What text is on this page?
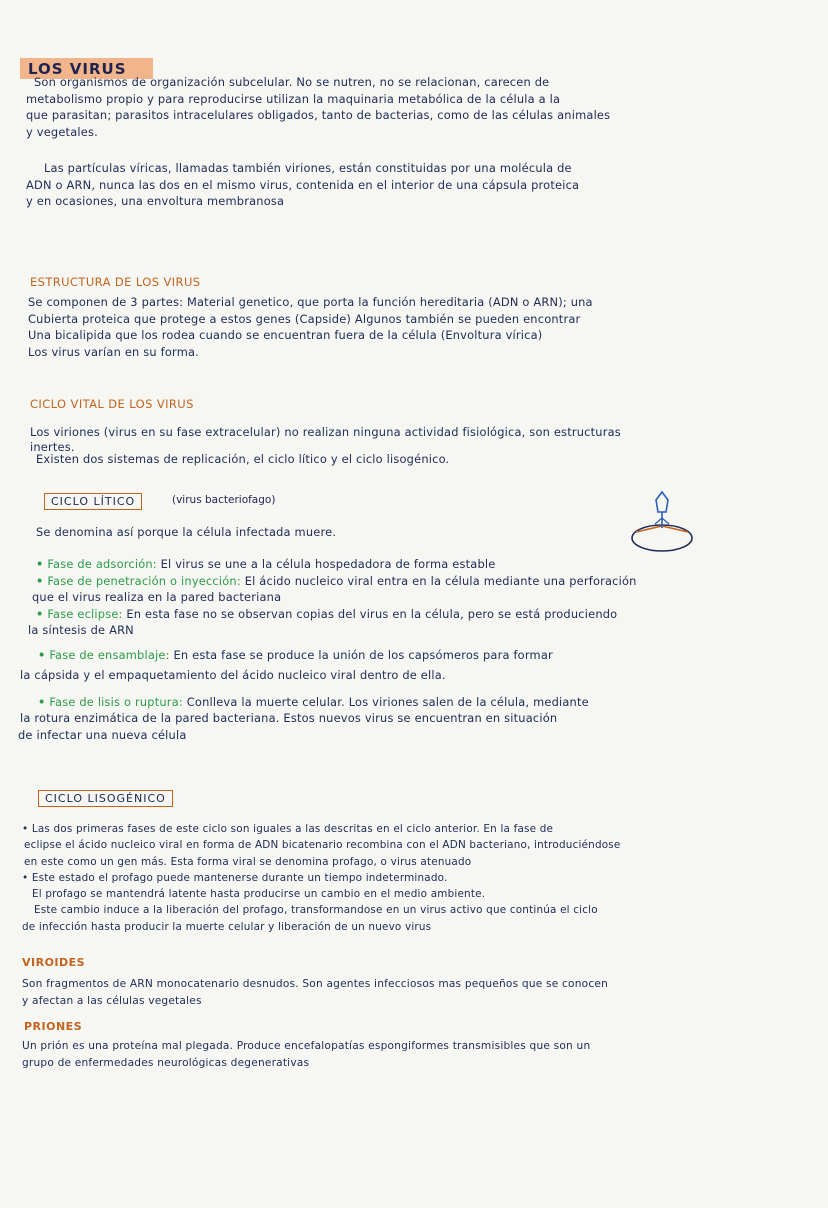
LOS VIRUS

Son organismos de organización subcelular. No se nutren, no se relacionan, carecen de

metabolismo propio y para reproducirse utilizan la maquinaria metabólica de la célula a la

que parasitan; parasitos intracelulares obligados, tanto de bacterias, como de las células animales

y vegetales.

Las partículas víricas, llamadas también viriones, están constituidas por una molécula de

ADN o ARN, nunca las dos en el mismo virus, contenida en el interior de una cápsula proteica

y en ocasiones, una envoltura membranosa

ESTRUCTURA DE LOS VIRUS

Se componen de 3 partes: Material genetico, que porta la función hereditaria (ADN o ARN); una

Cubierta proteica que protege a estos genes (Capside) Algunos también se pueden encontrar

Una bicalipida que los rodea cuando se encuentran fuera de la célula (Envoltura vírica)

Los virus varían en su forma.

CICLO VITAL DE LOS VIRUS

Los viriones (virus en su fase extracelular) no realizan ninguna actividad fisiológica, son estructuras

inertes.

Existen dos sistemas de replicación, el ciclo lítico y el ciclo lisogénico.

CICLO LÍTICO	(virus bacteriofago)
Se denomina así porque la célula infectada muere.

• Fase de adsorción: El virus se une a la célula hospedadora de forma estable

• Fase de penetración o inyección: El ácido nucleico viral entra en la célula mediante una perforación

que el virus realiza en la pared bacteriana

• Fase eclipse: En esta fase no se observan copias del virus en la célula, pero se está produciendo

la síntesis de ARN

• Fase de ensamblaje: En esta fase se produce la unión de los capsómeros para formar

la cápsida y el empaquetamiento del ácido nucleico viral dentro de ella.

• Fase de lisis o ruptura: Conlleva la muerte celular. Los viriones salen de la célula, mediante

la rotura enzimática de la pared bacteriana. Estos nuevos virus se encuentran en situación

de infectar una nueva célula

CICLO LISOGÉNICO

• Las dos primeras fases de este ciclo son iguales a las descritas en el ciclo anterior. En la fase de

eclipse el ácido nucleico viral en forma de ADN bicatenario recombina con el ADN bacteriano, introduciéndose

en este como un gen más. Esta forma viral se denomina profago, o virus atenuado

• Este estado el profago puede mantenerse durante un tiempo indeterminado.

El profago se mantendrá latente hasta producirse un cambio en el medio ambiente.

Este cambio induce a la liberación del profago, transformandose en un virus activo que continúa el ciclo

de infección hasta producir la muerte celular y liberación de un nuevo virus

VIROIDES

Son fragmentos de ARN monocatenario desnudos. Son agentes infecciosos mas pequeños que se conocen

y afectan a las células vegetales

PRIONES

Un prión es una proteína mal plegada. Produce encefalopatías espongiformes transmisibles que son un

grupo de enfermedades neurológicas degenerativas
